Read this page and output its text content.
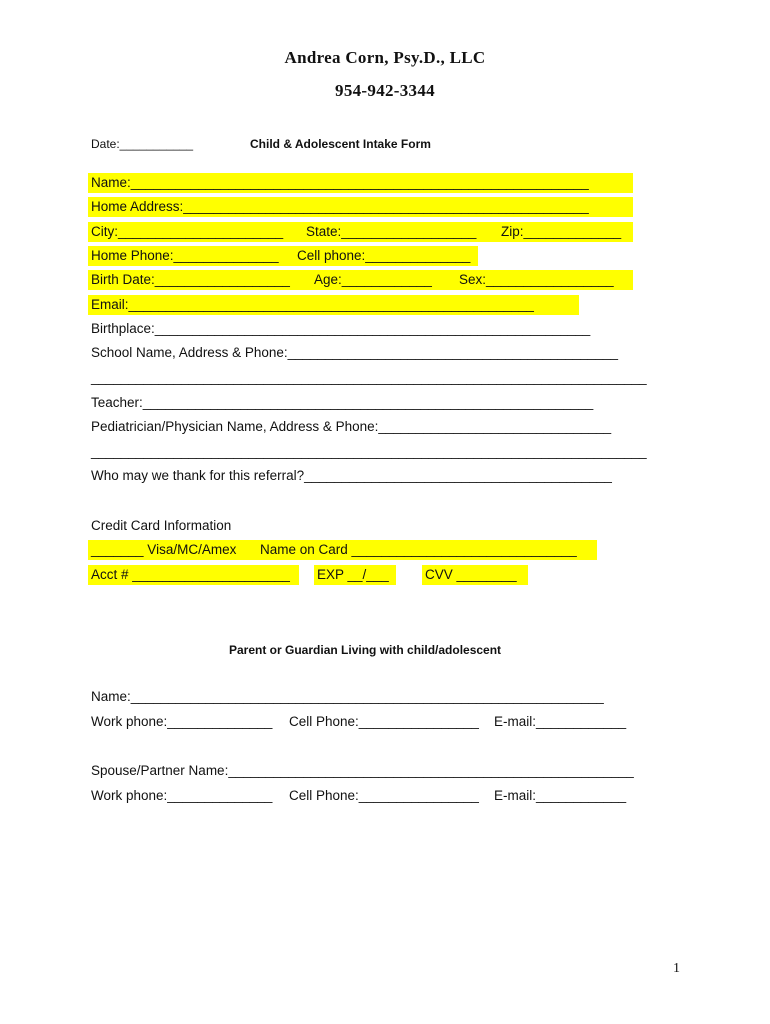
Andrea Corn, Psy.D., LLC
954-942-3344
Date:___________	Child & Adolescent Intake Form
Name:_____________________________________________________________
Home Address:______________________________________________________
City:______________________ State:__________________ Zip:_____________
Home Phone:______________ Cell phone:______________
Birth Date:__________________ Age:____________ Sex:_________________
Email:______________________________________________________
Birthplace:__________________________________________________________
School Name, Address & Phone:____________________________________________
__________________________________________________________________________
Teacher:____________________________________________________________
Pediatrician/Physician Name, Address & Phone:_______________________________
__________________________________________________________________________
Who may we thank for this referral?_________________________________________
Credit Card Information
_______ Visa/MC/Amex Name on Card ______________________________
Acct # _____________________ EXP __/___	CVV ________
Parent or Guardian Living with child/adolescent
Name:_______________________________________________________________
Work phone:______________ Cell Phone:________________ E-mail:____________
Spouse/Partner Name:______________________________________________________
Work phone:______________ Cell Phone:________________ E-mail:____________
1
